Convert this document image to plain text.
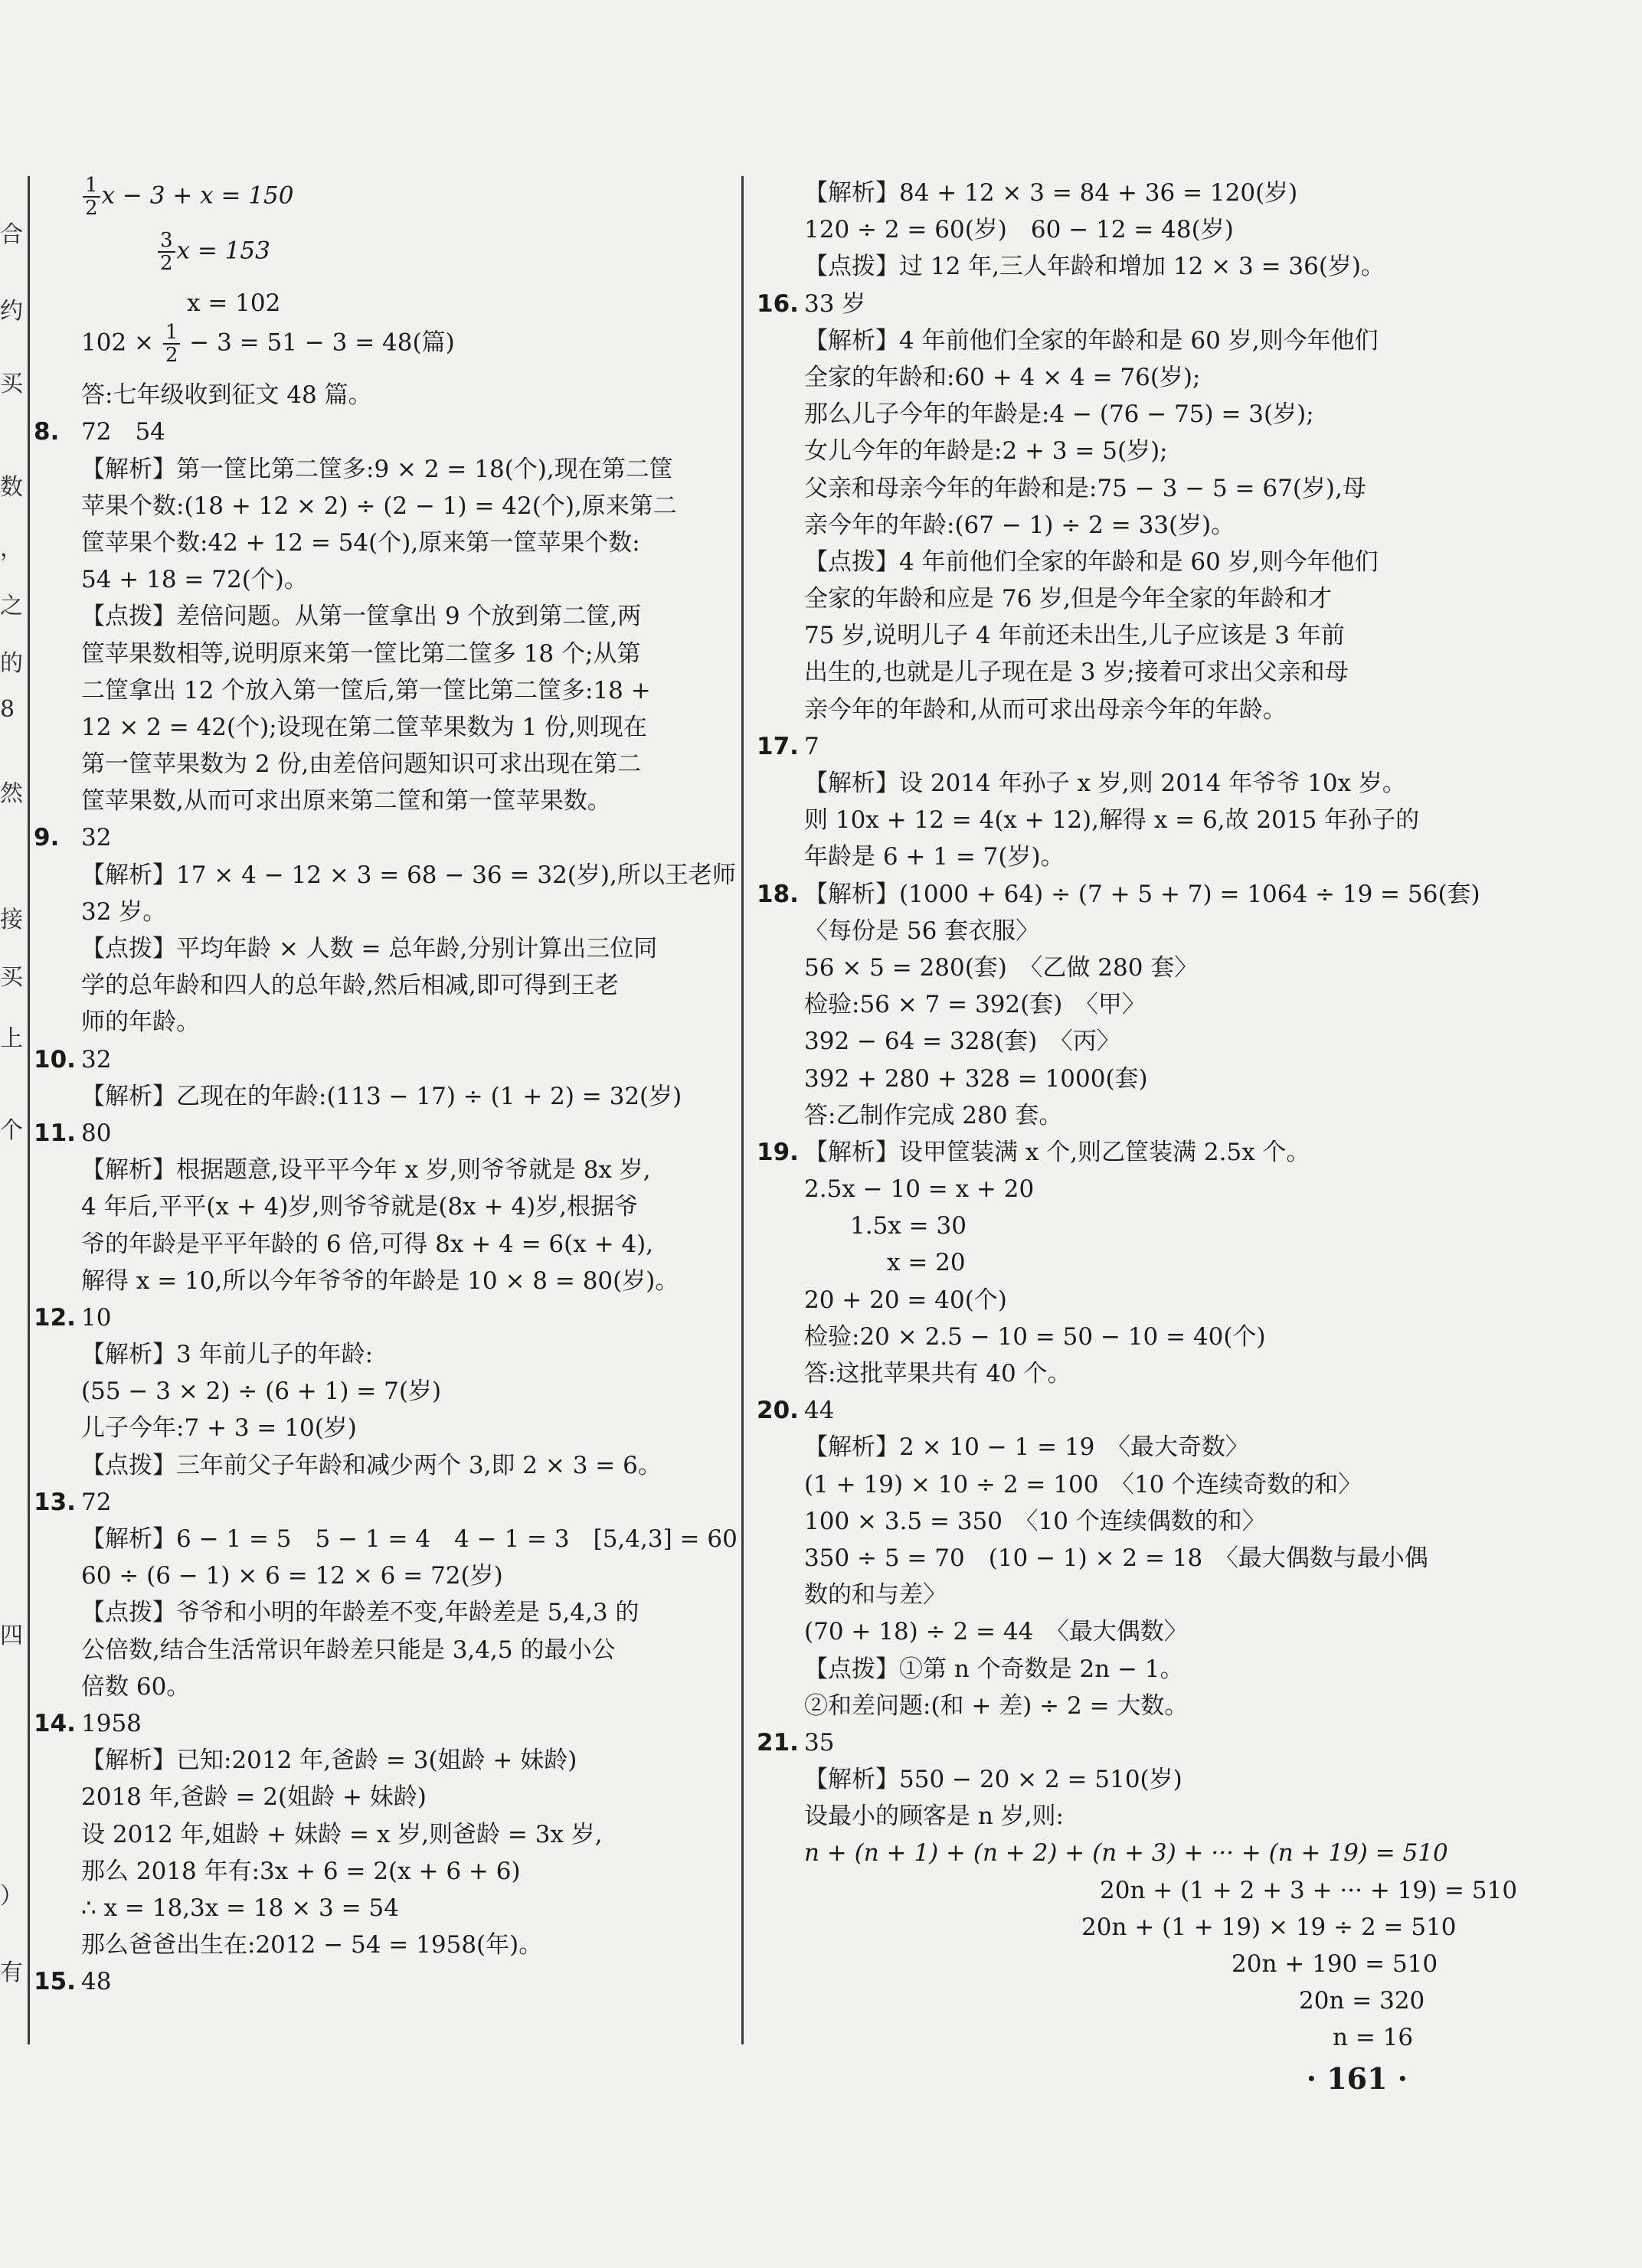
合
约
买
数
，
之
的
8
然
接
买
上
个
四
）
有

$\frac{1}{2}$ x − 3 + x = 150

$\frac{3}{2}$ x = 153

x = 102

$102 \times \frac{1}{2} - 3 = 51 - 3 = 48$(篇)

答:七年级收到征文 48 篇。

8. 72　54

【解析】第一筐比第二筐多:9 × 2 = 18(个),现在第二筐

苹果个数:(18 + 12 × 2) ÷ (2 − 1) = 42(个),原来第二

筐苹果个数:42 + 12 = 54(个),原来第一筐苹果个数:

54 + 18 = 72(个)。

【点拨】差倍问题。从第一筐拿出 9 个放到第二筐,两

筐苹果数相等,说明原来第一筐比第二筐多 18 个;从第

二筐拿出 12 个放入第一筐后,第一筐比第二筐多:18 +

12 × 2 = 42(个);设现在第二筐苹果数为 1 份,则现在

第一筐苹果数为 2 份,由差倍问题知识可求出现在第二

筐苹果数,从而可求出原来第二筐和第一筐苹果数。

9. 32

【解析】17 × 4 − 12 × 3 = 68 − 36 = 32(岁),所以王老师

32 岁。

【点拨】平均年龄 × 人数 = 总年龄,分别计算出三位同

学的总年龄和四人的总年龄,然后相减,即可得到王老

师的年龄。

10. 32

【解析】乙现在的年龄:(113 − 17) ÷ (1 + 2) = 32(岁)

11. 80

【解析】根据题意,设平平今年 x 岁,则爷爷就是 8x 岁,

4 年后,平平(x + 4)岁,则爷爷就是(8x + 4)岁,根据爷

爷的年龄是平平年龄的 6 倍,可得 8x + 4 = 6(x + 4),

解得 x = 10,所以今年爷爷的年龄是 10 × 8 = 80(岁)。

12. 10

【解析】3 年前儿子的年龄:

(55 − 3 × 2) ÷ (6 + 1) = 7(岁)

儿子今年:7 + 3 = 10(岁)

【点拨】三年前父子年龄和减少两个 3,即 2 × 3 = 6。

13. 72

【解析】6 − 1 = 5　5 − 1 = 4　4 − 1 = 3　[5,4,3] = 60

60 ÷ (6 − 1) × 6 = 12 × 6 = 72(岁)

【点拨】爷爷和小明的年龄差不变,年龄差是 5,4,3 的

公倍数,结合生活常识年龄差只能是 3,4,5 的最小公

倍数 60。

14. 1958

【解析】已知:2012 年,爸龄 = 3(姐龄 + 妹龄)

2018 年,爸龄 = 2(姐龄 + 妹龄)

设 2012 年,姐龄 + 妹龄 = x 岁,则爸龄 = 3x 岁,

那么 2018 年有:3x + 6 = 2(x + 6 + 6)

∴ x = 18,3x = 18 × 3 = 54

那么爸爸出生在:2012 − 54 = 1958(年)。

15. 48

【解析】84 + 12 × 3 = 84 + 36 = 120(岁)

120 ÷ 2 = 60(岁)　60 − 12 = 48(岁)

【点拨】过 12 年,三人年龄和增加 12 × 3 = 36(岁)。

16. 33 岁

【解析】4 年前他们全家的年龄和是 60 岁,则今年他们

全家的年龄和:60 + 4 × 4 = 76(岁);

那么儿子今年的年龄是:4 − (76 − 75) = 3(岁);

女儿今年的年龄是:2 + 3 = 5(岁);

父亲和母亲今年的年龄和是:75 − 3 − 5 = 67(岁),母

亲今年的年龄:(67 − 1) ÷ 2 = 33(岁)。

【点拨】4 年前他们全家的年龄和是 60 岁,则今年他们

全家的年龄和应是 76 岁,但是今年全家的年龄和才

75 岁,说明儿子 4 年前还未出生,儿子应该是 3 年前

出生的,也就是儿子现在是 3 岁;接着可求出父亲和母

亲今年的年龄和,从而可求出母亲今年的年龄。

17. 7

【解析】设 2014 年孙子 x 岁,则 2014 年爷爷 10x 岁。

则 10x + 12 = 4(x + 12),解得 x = 6,故 2015 年孙子的

年龄是 6 + 1 = 7(岁)。

18. 【解析】(1000 + 64) ÷ (7 + 5 + 7) = 1064 ÷ 19 = 56(套)

〈每份是 56 套衣服〉

56 × 5 = 280(套)　〈乙做 280 套〉

检验:56 × 7 = 392(套)　〈甲〉

392 − 64 = 328(套)　〈丙〉

392 + 280 + 328 = 1000(套)

答:乙制作完成 280 套。

19. 【解析】设甲筐装满 x 个,则乙筐装满 2.5x 个。

2.5x − 10 = x + 20

1.5x = 30

x = 20

20 + 20 = 40(个)

检验:20 × 2.5 − 10 = 50 − 10 = 40(个)

答:这批苹果共有 40 个。

20. 44

【解析】2 × 10 − 1 = 19　〈最大奇数〉

(1 + 19) × 10 ÷ 2 = 100　〈10 个连续奇数的和〉

100 × 3.5 = 350　〈10 个连续偶数的和〉

350 ÷ 5 = 70　(10 − 1) × 2 = 18　〈最大偶数与最小偶

数的和与差〉

(70 + 18) ÷ 2 = 44　〈最大偶数〉

【点拨】①第 n 个奇数是 2n − 1。

②和差问题:(和 + 差) ÷ 2 = 大数。

21. 35

【解析】550 − 20 × 2 = 510(岁)

设最小的顾客是 n 岁,则:

n + (n + 1) + (n + 2) + (n + 3) + ··· + (n + 19) = 510

20n + (1 + 2 + 3 + ··· + 19) = 510

20n + (1 + 19) × 19 ÷ 2 = 510

20n + 190 = 510

20n = 320

n = 16

· 161 ·
